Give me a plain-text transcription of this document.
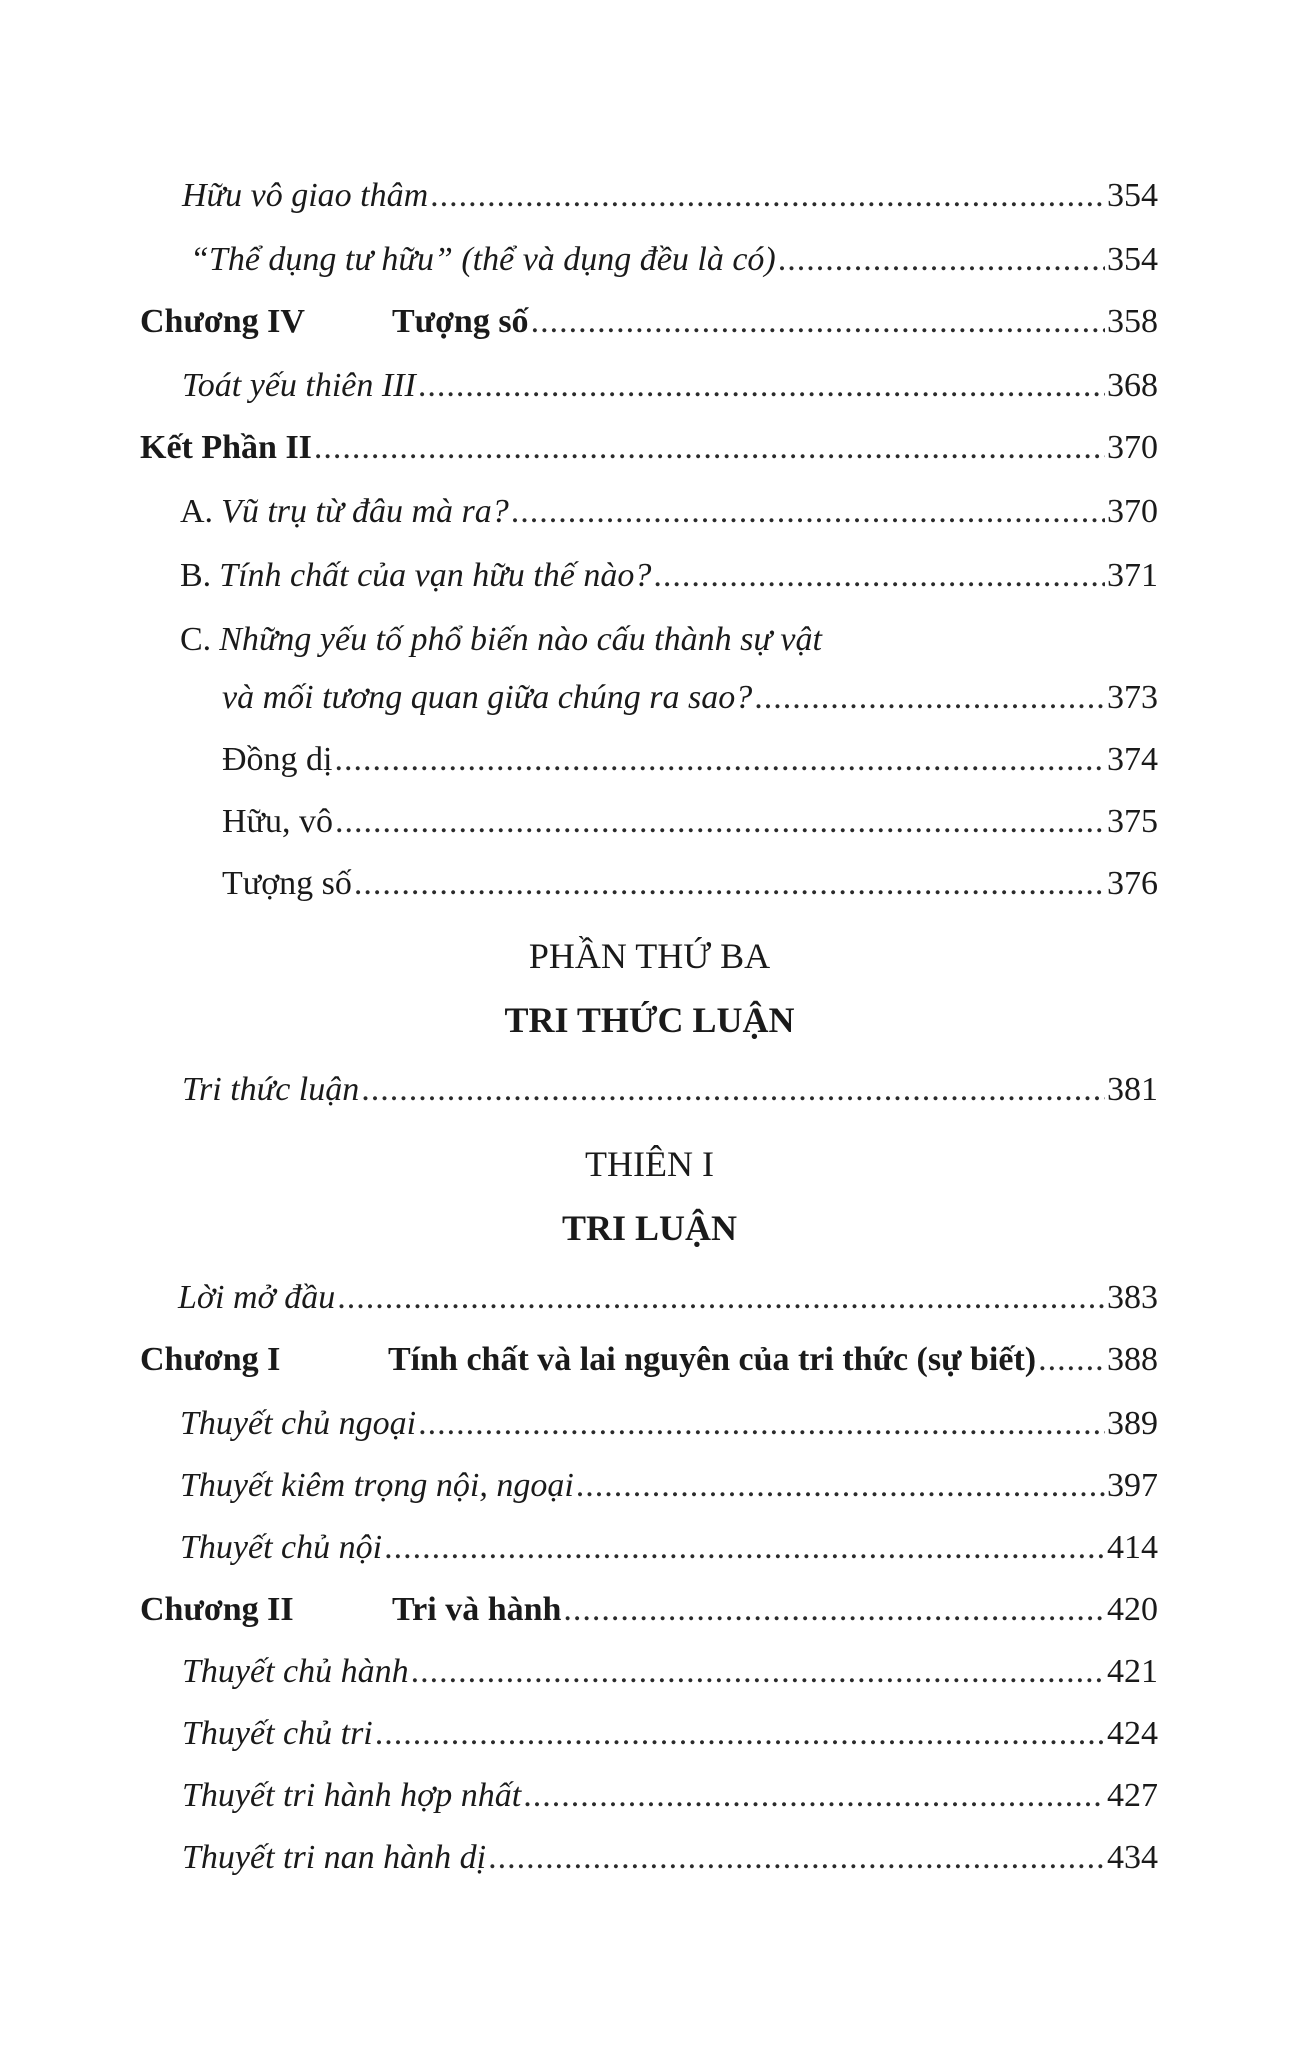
Hữu vô giao thâm .....	354
“Thể dụng tư hữu” (thể và dụng đều là có) .....	354
Chương IV	Tượng số .....	358
Toát yếu thiên III .....	368
Kết Phần II .....	370
A. Vũ trụ từ đâu mà ra? .....	370
B. Tính chất của vạn hữu thế nào? .....	371
C. Những yếu tố phổ biến nào cấu thành sự vật
và mối tương quan giữa chúng ra sao? .....	373
Đồng dị .....	374
Hữu, vô .....	375
Tượng số .....	376
PHẦN THỨ BA
TRI THỨC LUẬN
Tri thức luận .....	381
THIÊN I
TRI LUẬN
Lời mở đầu .....	383
Chương I	Tính chất và lai nguyên của tri thức (sự biết) ..... 388
Thuyết chủ ngoại .....	389
Thuyết kiêm trọng nội, ngoại .....	397
Thuyết chủ nội .....	414
Chương II	Tri và hành .....	420
Thuyết chủ hành .....	421
Thuyết chủ tri .....	424
Thuyết tri hành hợp nhất .....	427
Thuyết tri nan hành dị .....	434
